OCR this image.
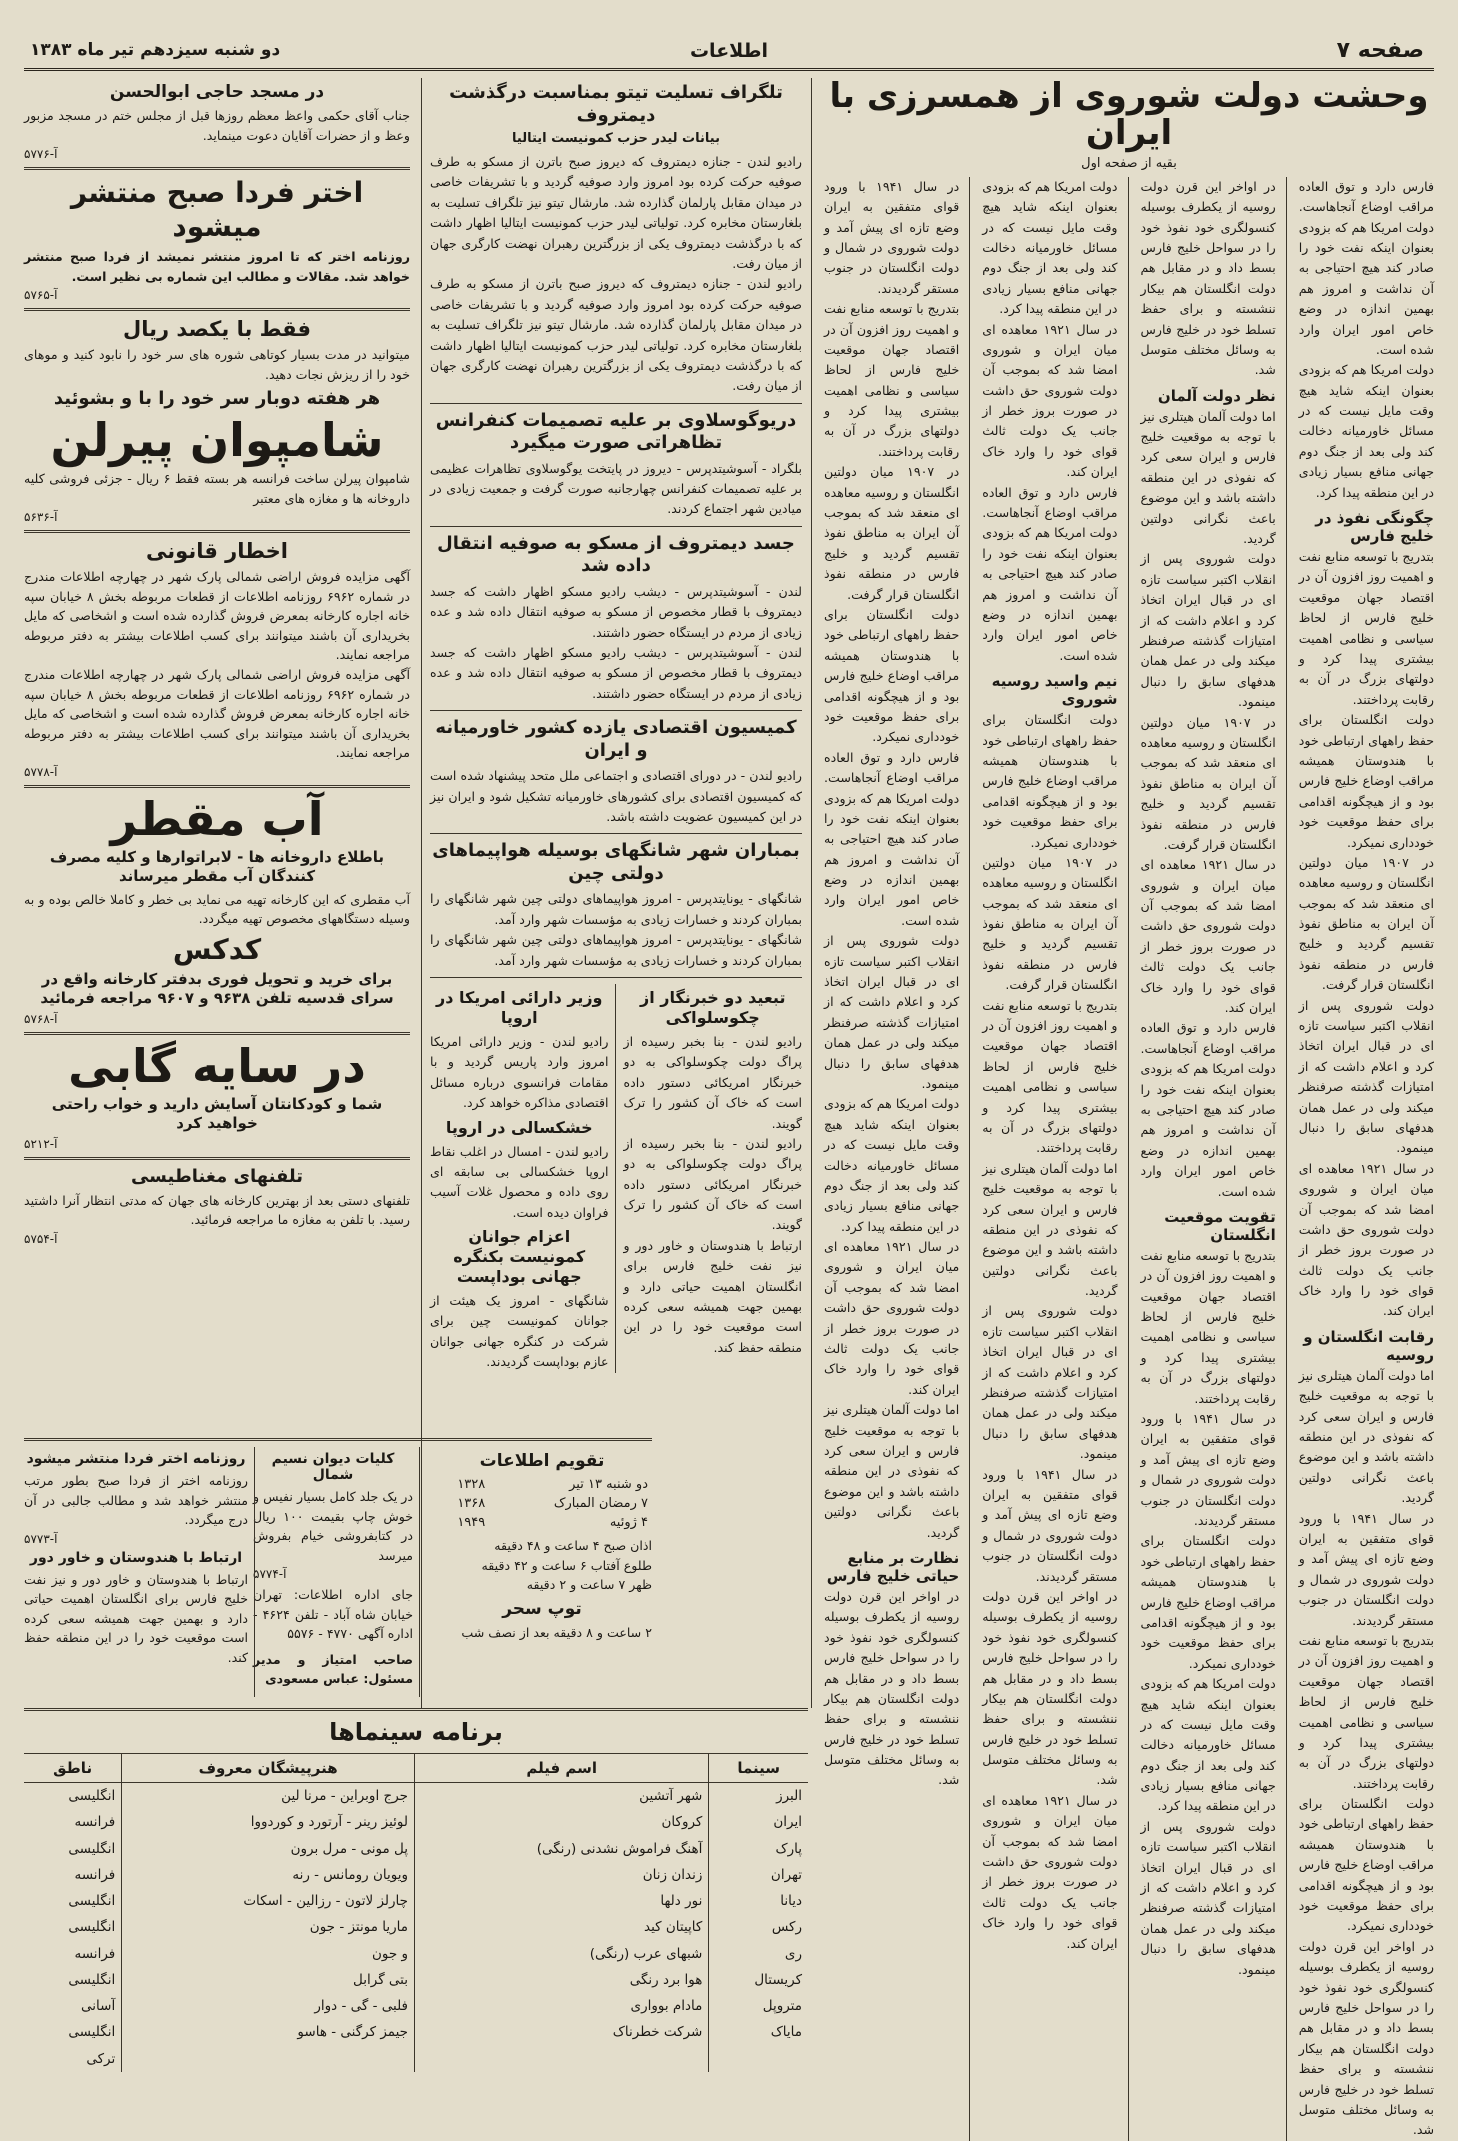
صفحه ۷
اطلاعات
دو شنبه سیزدهم تیر ماه ۱۳۸۳
وحشت دولت شوروی از همسرزی با ایران
بقیه از صفحه اول
فارس دارد و توق العاده مراقب اوضاع آنجاهاست. دولت امریکا هم که بزودی بعنوان اینکه نفت خود را صادر کند هیچ احتیاجی به آن نداشت و امروز هم بهمین اندازه در وضع خاص امور ایران وارد شده است.
دولت امریکا هم که بزودی بعنوان اینکه شاید هیچ وقت مایل نیست که در مسائل خاورمیانه دخالت کند ولی بعد از جنگ دوم جهانی منافع بسیار زیادی در این منطقه پیدا کرد.
چگونگی نفوذ در خلیج فارس
بتدریج با توسعه منابع نفت و اهمیت روز افزون آن در اقتصاد جهان موقعیت خلیج فارس از لحاظ سیاسی و نظامی اهمیت بیشتری پیدا کرد و دولتهای بزرگ در آن به رقابت پرداختند.
دولت انگلستان برای حفظ راههای ارتباطی خود با هندوستان همیشه مراقب اوضاع خلیج فارس بود و از هیچگونه اقدامی برای حفظ موقعیت خود خودداری نمیکرد.
در ۱۹۰۷ میان دولتین انگلستان و روسیه معاهده ای منعقد شد که بموجب آن ایران به مناطق نفوذ تقسیم گردید و خلیج فارس در منطقه نفوذ انگلستان قرار گرفت.
دولت شوروی پس از انقلاب اکتبر سیاست تازه ای در قبال ایران اتخاذ کرد و اعلام داشت که از امتیازات گذشته صرفنظر میکند ولی در عمل همان هدفهای سابق را دنبال مینمود.
در سال ۱۹۲۱ معاهده ای میان ایران و شوروی امضا شد که بموجب آن دولت شوروی حق داشت در صورت بروز خطر از جانب یک دولت ثالث قوای خود را وارد خاک ایران کند.
رقابت انگلستان و روسیه
اما دولت آلمان هیتلری نیز با توجه به موقعیت خلیج فارس و ایران سعی کرد که نفوذی در این منطقه داشته باشد و این موضوع باعث نگرانی دولتین گردید.
در سال ۱۹۴۱ با ورود قوای متفقین به ایران وضع تازه ای پیش آمد و دولت شوروی در شمال و دولت انگلستان در جنوب مستقر گردیدند.
بتدریج با توسعه منابع نفت و اهمیت روز افزون آن در اقتصاد جهان موقعیت خلیج فارس از لحاظ سیاسی و نظامی اهمیت بیشتری پیدا کرد و دولتهای بزرگ در آن به رقابت پرداختند.
دولت انگلستان برای حفظ راههای ارتباطی خود با هندوستان همیشه مراقب اوضاع خلیج فارس بود و از هیچگونه اقدامی برای حفظ موقعیت خود خودداری نمیکرد.
در اواخر این قرن دولت روسیه از یکطرف بوسیله کنسولگری خود نفوذ خود را در سواحل خلیج فارس بسط داد و در مقابل هم دولت انگلستان هم بیکار ننشسته و برای حفظ تسلط خود در خلیج فارس به وسائل مختلف متوسل شد.
در اواخر این قرن دولت روسیه از یکطرف بوسیله کنسولگری خود نفوذ خود را در سواحل خلیج فارس بسط داد و در مقابل هم دولت انگلستان هم بیکار ننشسته و برای حفظ تسلط خود در خلیج فارس به وسائل مختلف متوسل شد.
نظر دولت آلمان
اما دولت آلمان هیتلری نیز با توجه به موقعیت خلیج فارس و ایران سعی کرد که نفوذی در این منطقه داشته باشد و این موضوع باعث نگرانی دولتین گردید.
دولت شوروی پس از انقلاب اکتبر سیاست تازه ای در قبال ایران اتخاذ کرد و اعلام داشت که از امتیازات گذشته صرفنظر میکند ولی در عمل همان هدفهای سابق را دنبال مینمود.
در ۱۹۰۷ میان دولتین انگلستان و روسیه معاهده ای منعقد شد که بموجب آن ایران به مناطق نفوذ تقسیم گردید و خلیج فارس در منطقه نفوذ انگلستان قرار گرفت.
در سال ۱۹۲۱ معاهده ای میان ایران و شوروی امضا شد که بموجب آن دولت شوروی حق داشت در صورت بروز خطر از جانب یک دولت ثالث قوای خود را وارد خاک ایران کند.
فارس دارد و توق العاده مراقب اوضاع آنجاهاست. دولت امریکا هم که بزودی بعنوان اینکه نفت خود را صادر کند هیچ احتیاجی به آن نداشت و امروز هم بهمین اندازه در وضع خاص امور ایران وارد شده است.
تقویت موقعیت انگلستان
بتدریج با توسعه منابع نفت و اهمیت روز افزون آن در اقتصاد جهان موقعیت خلیج فارس از لحاظ سیاسی و نظامی اهمیت بیشتری پیدا کرد و دولتهای بزرگ در آن به رقابت پرداختند.
در سال ۱۹۴۱ با ورود قوای متفقین به ایران وضع تازه ای پیش آمد و دولت شوروی در شمال و دولت انگلستان در جنوب مستقر گردیدند.
دولت انگلستان برای حفظ راههای ارتباطی خود با هندوستان همیشه مراقب اوضاع خلیج فارس بود و از هیچگونه اقدامی برای حفظ موقعیت خود خودداری نمیکرد.
دولت امریکا هم که بزودی بعنوان اینکه شاید هیچ وقت مایل نیست که در مسائل خاورمیانه دخالت کند ولی بعد از جنگ دوم جهانی منافع بسیار زیادی در این منطقه پیدا کرد.
دولت شوروی پس از انقلاب اکتبر سیاست تازه ای در قبال ایران اتخاذ کرد و اعلام داشت که از امتیازات گذشته صرفنظر میکند ولی در عمل همان هدفهای سابق را دنبال مینمود.
دولت امریکا هم که بزودی بعنوان اینکه شاید هیچ وقت مایل نیست که در مسائل خاورمیانه دخالت کند ولی بعد از جنگ دوم جهانی منافع بسیار زیادی در این منطقه پیدا کرد.
در سال ۱۹۲۱ معاهده ای میان ایران و شوروی امضا شد که بموجب آن دولت شوروی حق داشت در صورت بروز خطر از جانب یک دولت ثالث قوای خود را وارد خاک ایران کند.
فارس دارد و توق العاده مراقب اوضاع آنجاهاست. دولت امریکا هم که بزودی بعنوان اینکه نفت خود را صادر کند هیچ احتیاجی به آن نداشت و امروز هم بهمین اندازه در وضع خاص امور ایران وارد شده است.
نیم واسید روسیه شوروی
دولت انگلستان برای حفظ راههای ارتباطی خود با هندوستان همیشه مراقب اوضاع خلیج فارس بود و از هیچگونه اقدامی برای حفظ موقعیت خود خودداری نمیکرد.
در ۱۹۰۷ میان دولتین انگلستان و روسیه معاهده ای منعقد شد که بموجب آن ایران به مناطق نفوذ تقسیم گردید و خلیج فارس در منطقه نفوذ انگلستان قرار گرفت.
بتدریج با توسعه منابع نفت و اهمیت روز افزون آن در اقتصاد جهان موقعیت خلیج فارس از لحاظ سیاسی و نظامی اهمیت بیشتری پیدا کرد و دولتهای بزرگ در آن به رقابت پرداختند.
اما دولت آلمان هیتلری نیز با توجه به موقعیت خلیج فارس و ایران سعی کرد که نفوذی در این منطقه داشته باشد و این موضوع باعث نگرانی دولتین گردید.
دولت شوروی پس از انقلاب اکتبر سیاست تازه ای در قبال ایران اتخاذ کرد و اعلام داشت که از امتیازات گذشته صرفنظر میکند ولی در عمل همان هدفهای سابق را دنبال مینمود.
در سال ۱۹۴۱ با ورود قوای متفقین به ایران وضع تازه ای پیش آمد و دولت شوروی در شمال و دولت انگلستان در جنوب مستقر گردیدند.
در اواخر این قرن دولت روسیه از یکطرف بوسیله کنسولگری خود نفوذ خود را در سواحل خلیج فارس بسط داد و در مقابل هم دولت انگلستان هم بیکار ننشسته و برای حفظ تسلط خود در خلیج فارس به وسائل مختلف متوسل شد.
در سال ۱۹۲۱ معاهده ای میان ایران و شوروی امضا شد که بموجب آن دولت شوروی حق داشت در صورت بروز خطر از جانب یک دولت ثالث قوای خود را وارد خاک ایران کند.
در سال ۱۹۴۱ با ورود قوای متفقین به ایران وضع تازه ای پیش آمد و دولت شوروی در شمال و دولت انگلستان در جنوب مستقر گردیدند.
بتدریج با توسعه منابع نفت و اهمیت روز افزون آن در اقتصاد جهان موقعیت خلیج فارس از لحاظ سیاسی و نظامی اهمیت بیشتری پیدا کرد و دولتهای بزرگ در آن به رقابت پرداختند.
در ۱۹۰۷ میان دولتین انگلستان و روسیه معاهده ای منعقد شد که بموجب آن ایران به مناطق نفوذ تقسیم گردید و خلیج فارس در منطقه نفوذ انگلستان قرار گرفت.
دولت انگلستان برای حفظ راههای ارتباطی خود با هندوستان همیشه مراقب اوضاع خلیج فارس بود و از هیچگونه اقدامی برای حفظ موقعیت خود خودداری نمیکرد.
فارس دارد و توق العاده مراقب اوضاع آنجاهاست. دولت امریکا هم که بزودی بعنوان اینکه نفت خود را صادر کند هیچ احتیاجی به آن نداشت و امروز هم بهمین اندازه در وضع خاص امور ایران وارد شده است.
دولت شوروی پس از انقلاب اکتبر سیاست تازه ای در قبال ایران اتخاذ کرد و اعلام داشت که از امتیازات گذشته صرفنظر میکند ولی در عمل همان هدفهای سابق را دنبال مینمود.
دولت امریکا هم که بزودی بعنوان اینکه شاید هیچ وقت مایل نیست که در مسائل خاورمیانه دخالت کند ولی بعد از جنگ دوم جهانی منافع بسیار زیادی در این منطقه پیدا کرد.
در سال ۱۹۲۱ معاهده ای میان ایران و شوروی امضا شد که بموجب آن دولت شوروی حق داشت در صورت بروز خطر از جانب یک دولت ثالث قوای خود را وارد خاک ایران کند.
اما دولت آلمان هیتلری نیز با توجه به موقعیت خلیج فارس و ایران سعی کرد که نفوذی در این منطقه داشته باشد و این موضوع باعث نگرانی دولتین گردید.
نظارت بر منابع حیاتی خلیج فارس
در اواخر این قرن دولت روسیه از یکطرف بوسیله کنسولگری خود نفوذ خود را در سواحل خلیج فارس بسط داد و در مقابل هم دولت انگلستان هم بیکار ننشسته و برای حفظ تسلط خود در خلیج فارس به وسائل مختلف متوسل شد.
تلگراف تسلیت تیتو بمناسبت درگذشت دیمتروف
بیانات لیدر حزب کمونیست ایتالیا
رادیو لندن - جنازه دیمتروف که دیروز صبح باترن از مسکو به طرف صوفیه حرکت کرده بود امروز وارد صوفیه گردید و با تشریفات خاصی در میدان مقابل پارلمان گذارده شد. مارشال تیتو نیز تلگراف تسلیت به بلغارستان مخابره کرد. تولیاتی لیدر حزب کمونیست ایتالیا اظهار داشت که با درگذشت دیمتروف یکی از بزرگترین رهبران نهضت کارگری جهان از میان رفت.
رادیو لندن - جنازه دیمتروف که دیروز صبح باترن از مسکو به طرف صوفیه حرکت کرده بود امروز وارد صوفیه گردید و با تشریفات خاصی در میدان مقابل پارلمان گذارده شد. مارشال تیتو نیز تلگراف تسلیت به بلغارستان مخابره کرد. تولیاتی لیدر حزب کمونیست ایتالیا اظهار داشت که با درگذشت دیمتروف یکی از بزرگترین رهبران نهضت کارگری جهان از میان رفت.
دریوگوسلاوی بر علیه تصمیمات کنفرانس تظاهراتی صورت میگیرد
بلگراد - آسوشیتدپرس - دیروز در پایتخت یوگوسلاوی تظاهرات عظیمی بر علیه تصمیمات کنفرانس چهارجانبه صورت گرفت و جمعیت زیادی در میادین شهر اجتماع کردند.
جسد دیمتروف از مسکو به صوفیه انتقال داده شد
لندن - آسوشیتدپرس - دیشب رادیو مسکو اظهار داشت که جسد دیمتروف با قطار مخصوص از مسکو به صوفیه انتقال داده شد و عده زیادی از مردم در ایستگاه حضور داشتند.
لندن - آسوشیتدپرس - دیشب رادیو مسکو اظهار داشت که جسد دیمتروف با قطار مخصوص از مسکو به صوفیه انتقال داده شد و عده زیادی از مردم در ایستگاه حضور داشتند.
کمیسیون اقتصادی یازده کشور خاورمیانه و ایران
رادیو لندن - در دورای اقتصادی و اجتماعی ملل متحد پیشنهاد شده است که کمیسیون اقتصادی برای کشورهای خاورمیانه تشکیل شود و ایران نیز در این کمیسیون عضویت داشته باشد.
بمباران شهر شانگهای بوسیله هواپیماهای دولتی چین
شانگهای - یونایتدپرس - امروز هواپیماهای دولتی چین شهر شانگهای را بمباران کردند و خسارات زیادی به مؤسسات شهر وارد آمد.
شانگهای - یونایتدپرس - امروز هواپیماهای دولتی چین شهر شانگهای را بمباران کردند و خسارات زیادی به مؤسسات شهر وارد آمد.
تبعید دو خبرنگار از چکوسلواکی
رادیو لندن - بنا بخبر رسیده از پراگ دولت چکوسلواکی به دو خبرنگار امریکائی دستور داده است که خاک آن کشور را ترک گویند.
رادیو لندن - بنا بخبر رسیده از پراگ دولت چکوسلواکی به دو خبرنگار امریکائی دستور داده است که خاک آن کشور را ترک گویند.
ارتباط با هندوستان و خاور دور و نیز نفت خلیج فارس برای انگلستان اهمیت حیاتی دارد و بهمین جهت همیشه سعی کرده است موقعیت خود را در این منطقه حفظ کند.
وزیر دارائی امریکا در اروپا
رادیو لندن - وزیر دارائی امریکا امروز وارد پاریس گردید و با مقامات فرانسوی درباره مسائل اقتصادی مذاکره خواهد کرد.
خشکسالی در اروپا
رادیو لندن - امسال در اغلب نقاط اروپا خشکسالی بی سابقه ای روی داده و محصول غلات آسیب فراوان دیده است.
اعزام جوانان کمونیست بکنگره جهانی بوداپست
شانگهای - امروز یک هیئت از جوانان کمونیست چین برای شرکت در کنگره جهانی جوانان عازم بوداپست گردیدند.
در مسجد حاجی ابوالحسن
جناب آقای حکمی واعظ معظم روزها قبل از مجلس ختم در مسجد مزبور وعظ و از حضرات آقایان دعوت مینماید.
آ-۵۷۷۶
اختر فردا صبح منتشر میشود
روزنامه اختر که تا امروز منتشر نمیشد از فردا صبح منتشر خواهد شد. مقالات و مطالب این شماره بی نظیر است.
آ-۵۷۶۵
فقط با یکصد ریال
میتوانید در مدت بسیار کوتاهی شوره های سر خود را نابود کنید و موهای خود را از ریزش نجات دهید.
هر هفته دوبار سر خود را با و بشوئید
شامپوان پیرلن
شامپوان پیرلن ساخت فرانسه هر بسته فقط ۶ ریال - جزئی فروشی کلیه داروخانه ها و مغازه های معتبر
آ-۵۶۳۶
اخطار قانونی
آگهی مزایده فروش اراضی شمالی پارک شهر در چهارچه اطلاعات مندرج در شماره ۶۹۶۲ روزنامه اطلاعات از قطعات مربوطه بخش ۸ خیابان سپه خانه اجاره کارخانه بمعرض فروش گذارده شده است و اشخاصی که مایل بخریداری آن باشند میتوانند برای کسب اطلاعات بیشتر به دفتر مربوطه مراجعه نمایند.
آگهی مزایده فروش اراضی شمالی پارک شهر در چهارچه اطلاعات مندرج در شماره ۶۹۶۲ روزنامه اطلاعات از قطعات مربوطه بخش ۸ خیابان سپه خانه اجاره کارخانه بمعرض فروش گذارده شده است و اشخاصی که مایل بخریداری آن باشند میتوانند برای کسب اطلاعات بیشتر به دفتر مربوطه مراجعه نمایند.
آ-۵۷۷۸
آب مقطر
باطلاع داروخانه ها - لابراتوارها و کلیه مصرف کنندگان آب مقطر میرساند
آب مقطری که این کارخانه تهیه می نماید بی خطر و کاملا خالص بوده و به وسیله دستگاههای مخصوص تهیه میگردد.
کدکس
برای خرید و تحویل فوری بدفتر کارخانه واقع در سرای قدسیه تلفن ۹۶۳۸ و ۹۶۰۷ مراجعه فرمائید
آ-۵۷۶۸
در سایه گابی
شما و کودکانتان آسایش دارید و خواب راحتی خواهید کرد
آ-۵۲۱۲
تلفنهای مغناطیسی
تلفنهای دستی بعد از بهترین کارخانه های جهان که مدتی انتظار آنرا داشتید رسید. با تلفن به مغازه ما مراجعه فرمائید.
آ-۵۷۵۴
تقویم اطلاعات
دو شنبه ۱۳ تیر	۱۳۲۸
۷ رمضان المبارک	۱۳۶۸
۴ ژوئیه	۱۹۴۹
اذان صبح ۴ ساعت و ۴۸ دقیقه
طلوع آفتاب ۶ ساعت و ۴۲ دقیقه
ظهر ۷ ساعت و ۲ دقیقه
توپ سحر
۲ ساعت و ۸ دقیقه بعد از نصف شب
کلیات دیوان نسیم شمال
در یک جلد کامل بسیار نفیس و خوش چاپ بقیمت ۱۰۰ ریال در کتابفروشی خیام بفروش میرسد
آ-۵۷۷۴
جای اداره اطلاعات: تهران خیابان شاه آباد - تلفن ۴۶۲۴ - اداره آگهی ۴۷۷۰ - ۵۵۷۶
صاحب امتیاز و مدیر مسئول: عباس مسعودی
روزنامه اختر فردا منتشر میشود
روزنامه اختر از فردا صبح بطور مرتب منتشر خواهد شد و مطالب جالبی در آن درج میگردد.
آ-۵۷۷۳
ارتباط با هندوستان و خاور دور
ارتباط با هندوستان و خاور دور و نیز نفت خلیج فارس برای انگلستان اهمیت حیاتی دارد و بهمین جهت همیشه سعی کرده است موقعیت خود را در این منطقه حفظ کند.
برنامه سینماها
سینما	اسم فیلم	هنرپیشگان معروف	ناطق
البرز	شهر آتشین	جرج اوبراین - مرنا لین	انگلیسی
ایران	کروکان	لوئیز رینر - آرتورد و کوردووا	فرانسه
پارک	آهنگ فراموش نشدنی (رنگی)	پل مونی - مرل برون	انگلیسی
تهران	زندان زنان	ویویان رومانس - رنه	فرانسه
دیانا	نور دلها	چارلز لاتون - رزالین - اسکات	انگلیسی
رکس	کاپیتان کید	ماریا مونتز - جون	انگلیسی
ری	شبهای عرب (رنگی)	و جون	فرانسه
کریستال	هوا برد رنگی	بتی گرابل	انگلیسی
متروپل	مادام بوواری	فلبی - گی - دوار	آسانی
مایاک	شرکت خطرناک	جیمز کرگنی - هاسو	انگلیسی
			ترکی
